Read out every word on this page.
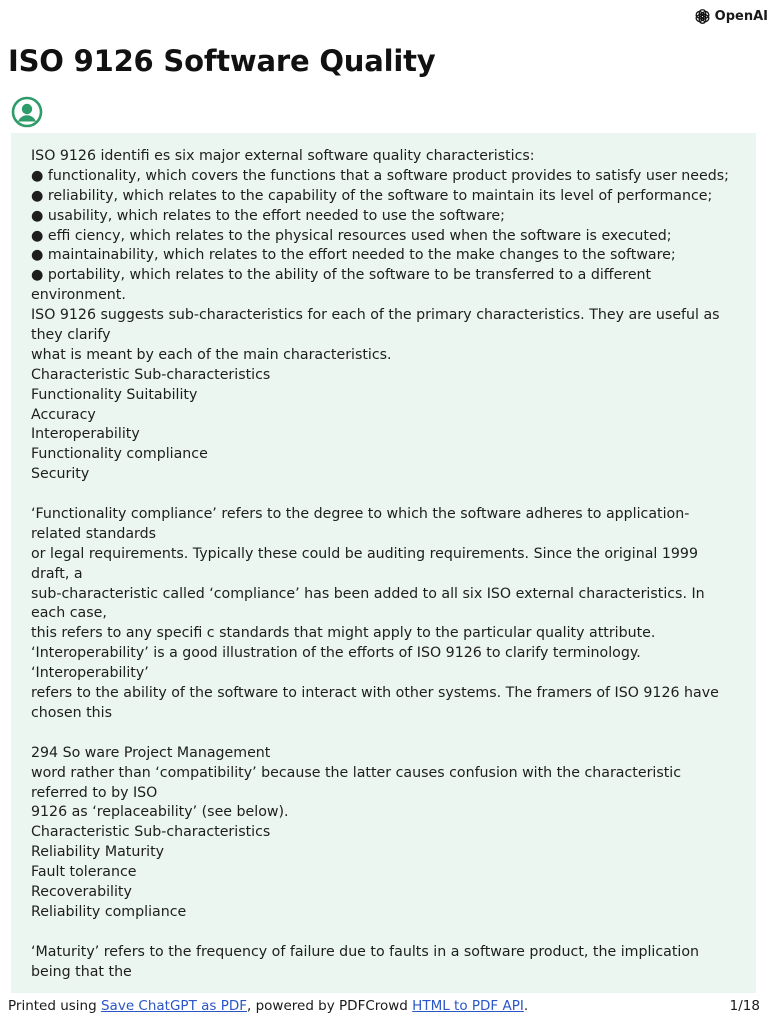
OpenAI
ISO 9126 Software Quality
ISO 9126 identifi es six major external software quality characteristics:
● functionality, which covers the functions that a software product provides to satisfy user needs;
● reliability, which relates to the capability of the software to maintain its level of performance;
● usability, which relates to the effort needed to use the software;
● effi ciency, which relates to the physical resources used when the software is executed;
● maintainability, which relates to the effort needed to the make changes to the software;
● portability, which relates to the ability of the software to be transferred to a different
environment.
ISO 9126 suggests sub-characteristics for each of the primary characteristics. They are useful as
they clarify
what is meant by each of the main characteristics.
Characteristic Sub-characteristics
Functionality Suitability
Accuracy
Interoperability
Functionality compliance
Security

‘Functionality compliance’ refers to the degree to which the software adheres to application-
related standards
or legal requirements. Typically these could be auditing requirements. Since the original 1999
draft, a
sub-characteristic called ‘compliance’ has been added to all six ISO external characteristics. In
each case,
this refers to any specifi c standards that might apply to the particular quality attribute.
‘Interoperability’ is a good illustration of the efforts of ISO 9126 to clarify terminology.
‘Interoperability’
refers to the ability of the software to interact with other systems. The framers of ISO 9126 have
chosen this

294 So ware Project Management
word rather than ‘compatibility’ because the latter causes confusion with the characteristic
referred to by ISO
9126 as ‘replaceability’ (see below).
Characteristic Sub-characteristics
Reliability Maturity
Fault tolerance
Recoverability
Reliability compliance

‘Maturity’ refers to the frequency of failure due to faults in a software product, the implication
being that the
Printed using Save ChatGPT as PDF, powered by PDFCrowd HTML to PDF API.	1/18
